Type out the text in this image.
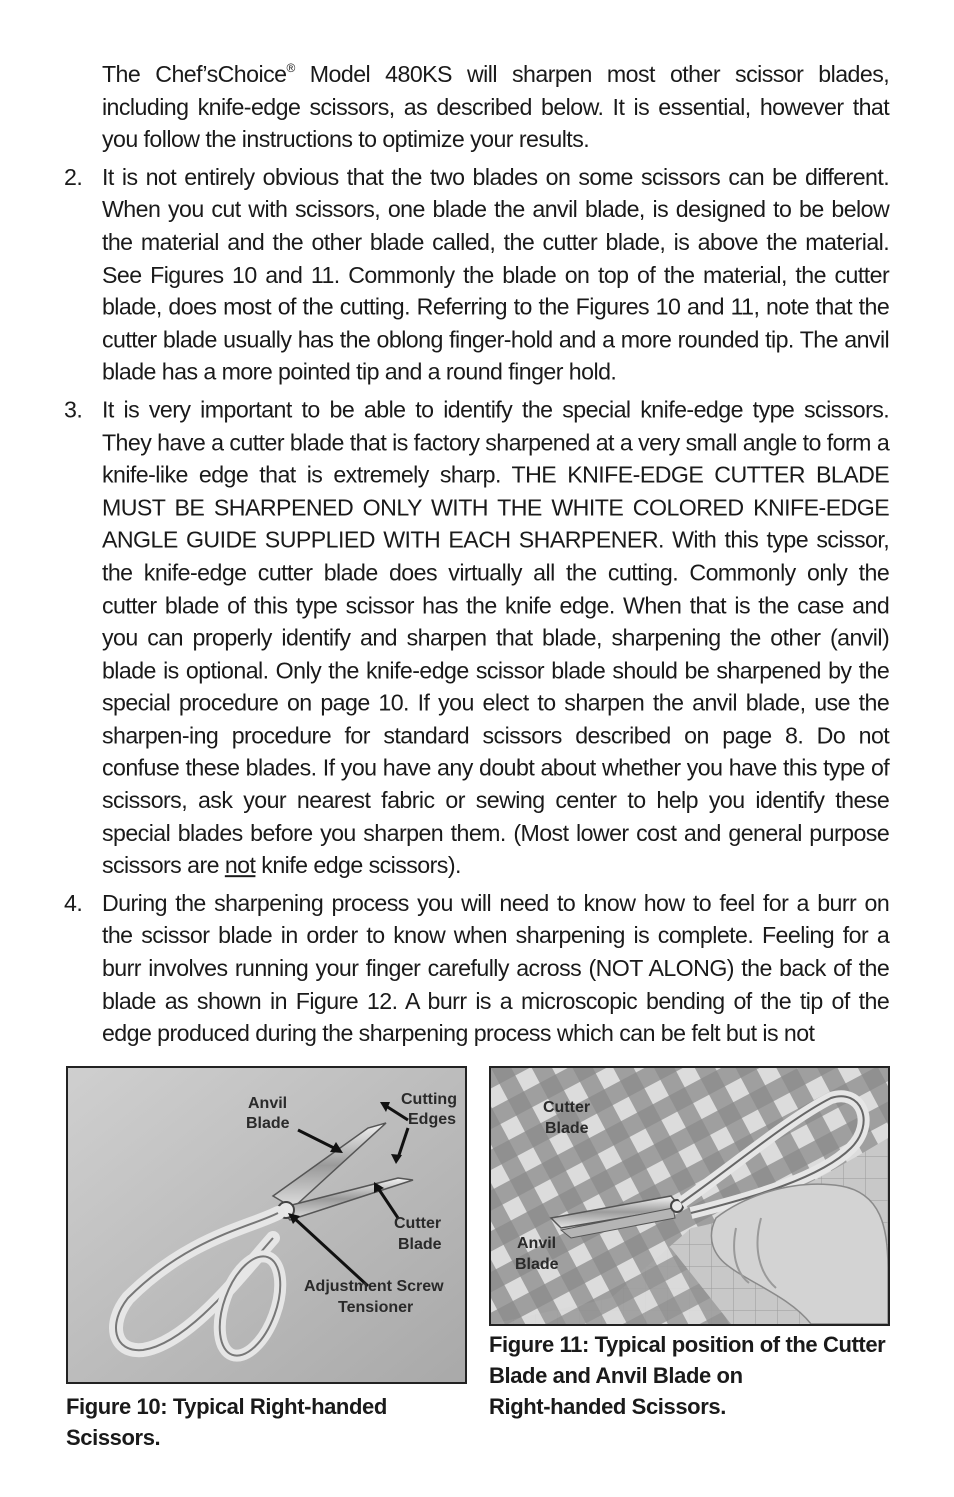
The Chef’sChoice® Model 480KS will sharpen most other scissor blades, including knife-edge scissors, as described below. It is essential, however that you follow the instructions to optimize your results.

2. It is not entirely obvious that the two blades on some scissors can be different. When you cut with scissors, one blade the anvil blade, is designed to be below the material and the other blade called, the cutter blade, is above the material. See Figures 10 and 11. Commonly the blade on top of the material, the cutter blade, does most of the cutting. Referring to the Figures 10 and 11, note that the cutter blade usually has the oblong finger-hold and a more rounded tip. The anvil blade has a more pointed tip and a round finger hold.
3. It is very important to be able to identify the special knife-edge type scissors. They have a cutter blade that is factory sharpened at a very small angle to form a knife-like edge that is extremely sharp. THE KNIFE-EDGE CUTTER BLADE MUST BE SHARPENED ONLY WITH THE WHITE COLORED KNIFE-EDGE ANGLE GUIDE SUPPLIED WITH EACH SHARPENER. With this type scissor, the knife-edge cutter blade does virtually all the cutting. Commonly only the cutter blade of this type scissor has the knife edge. When that is the case and you can properly identify and sharpen that blade, sharpening the other (anvil) blade is optional. Only the knife-edge scissor blade should be sharpened by the special procedure on page 10. If you elect to sharpen the anvil blade, use the sharpen-ing procedure for standard scissors described on page 8. Do not confuse these blades. If you have any doubt about whether you have this type of scissors, ask your nearest fabric or sewing center to help you identify these special blades before you sharpen them. (Most lower cost and general purpose scissors are not knife edge scissors).
4. During the sharpening process you will need to know how to feel for a burr on the scissor blade in order to know when sharpening is complete. Feeling for a burr involves running your finger carefully across (NOT ALONG) the back of the blade as shown in Figure 12. A burr is a microscopic bending of the tip of the edge produced during the sharpening process which can be felt but is not
Anvil
Blade
Cutting
Edges
Cutter
Blade
Adjustment Screw
Tensioner
Cutter
Blade
Anvil
Blade
Figure 10: Typical Right-handed Scissors.
Figure 11: Typical position of the Cutter
Blade and Anvil Blade on
Right-handed Scissors.
